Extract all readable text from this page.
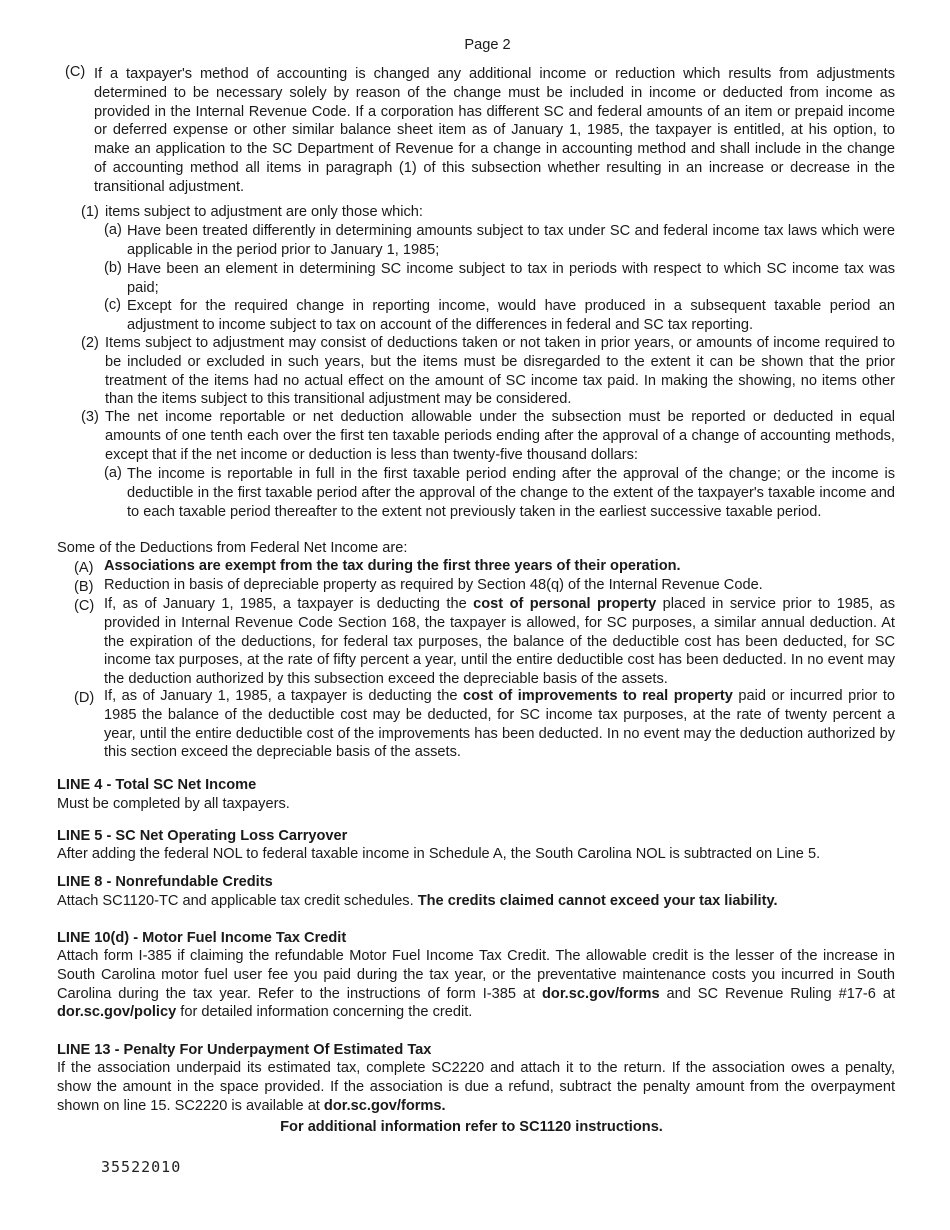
Page 2
(C) If a taxpayer's method of accounting is changed any additional income or reduction which results from adjustments determined to be necessary solely by reason of the change must be included in income or deducted from income as provided in the Internal Revenue Code. If a corporation has different SC and federal amounts of an item or prepaid income or deferred expense or other similar balance sheet item as of January 1, 1985, the taxpayer is entitled, at his option, to make an application to the SC Department of Revenue for a change in accounting method and shall include in the change of accounting method all items in paragraph (1) of this subsection whether resulting in an increase or decrease in the transitional adjustment.
(1) items subject to adjustment are only those which:
(a) Have been treated differently in determining amounts subject to tax under SC and federal income tax laws which were applicable in the period prior to January 1, 1985;
(b) Have been an element in determining SC income subject to tax in periods with respect to which SC income tax was paid;
(c) Except for the required change in reporting income, would have produced in a subsequent taxable period an adjustment to income subject to tax on account of the differences in federal and SC tax reporting.
(2) Items subject to adjustment may consist of deductions taken or not taken in prior years, or amounts of income required to be included or excluded in such years, but the items must be disregarded to the extent it can be shown that the prior treatment of the items had no actual effect on the amount of SC income tax paid. In making the showing, no items other than the items subject to this transitional adjustment may be considered.
(3) The net income reportable or net deduction allowable under the subsection must be reported or deducted in equal amounts of one tenth each over the first ten taxable periods ending after the approval of a change of accounting methods, except that if the net income or deduction is less than twenty-five thousand dollars:
(a) The income is reportable in full in the first taxable period ending after the approval of the change; or the income is deductible in the first taxable period after the approval of the change to the extent of the taxpayer's taxable income and to each taxable period thereafter to the extent not previously taken in the earliest successive taxable period.
Some of the Deductions from Federal Net Income are:
(A) Associations are exempt from the tax during the first three years of their operation.
(B) Reduction in basis of depreciable property as required by Section 48(q) of the Internal Revenue Code.
(C) If, as of January 1, 1985, a taxpayer is deducting the cost of personal property placed in service prior to 1985, as provided in Internal Revenue Code Section 168, the taxpayer is allowed, for SC purposes, a similar annual deduction. At the expiration of the deductions, for federal tax purposes, the balance of the deductible cost has been deducted, for SC income tax purposes, at the rate of fifty percent a year, until the entire deductible cost has been deducted. In no event may the deduction authorized by this subsection exceed the depreciable basis of the assets.
(D) If, as of January 1, 1985, a taxpayer is deducting the cost of improvements to real property paid or incurred prior to 1985 the balance of the deductible cost may be deducted, for SC income tax purposes, at the rate of twenty percent a year, until the entire deductible cost of the improvements has been deducted. In no event may the deduction authorized by this section exceed the depreciable basis of the assets.
LINE 4 - Total SC Net Income
Must be completed by all taxpayers.
LINE 5 - SC Net Operating Loss Carryover
After adding the federal NOL to federal taxable income in Schedule A, the South Carolina NOL is subtracted on Line 5.
LINE 8 - Nonrefundable Credits
Attach SC1120-TC and applicable tax credit schedules. The credits claimed cannot exceed your tax liability.
LINE 10(d) - Motor Fuel Income Tax Credit
Attach form I-385 if claiming the refundable Motor Fuel Income Tax Credit. The allowable credit is the lesser of the increase in South Carolina motor fuel user fee you paid during the tax year, or the preventative maintenance costs you incurred in South Carolina during the tax year. Refer to the instructions of form I-385 at dor.sc.gov/forms and SC Revenue Ruling #17-6 at dor.sc.gov/policy for detailed information concerning the credit.
LINE 13 - Penalty For Underpayment Of Estimated Tax
If the association underpaid its estimated tax, complete SC2220 and attach it to the return. If the association owes a penalty, show the amount in the space provided. If the association is due a refund, subtract the penalty amount from the overpayment shown on line 15. SC2220 is available at dor.sc.gov/forms.
For additional information refer to SC1120 instructions.
35522010
